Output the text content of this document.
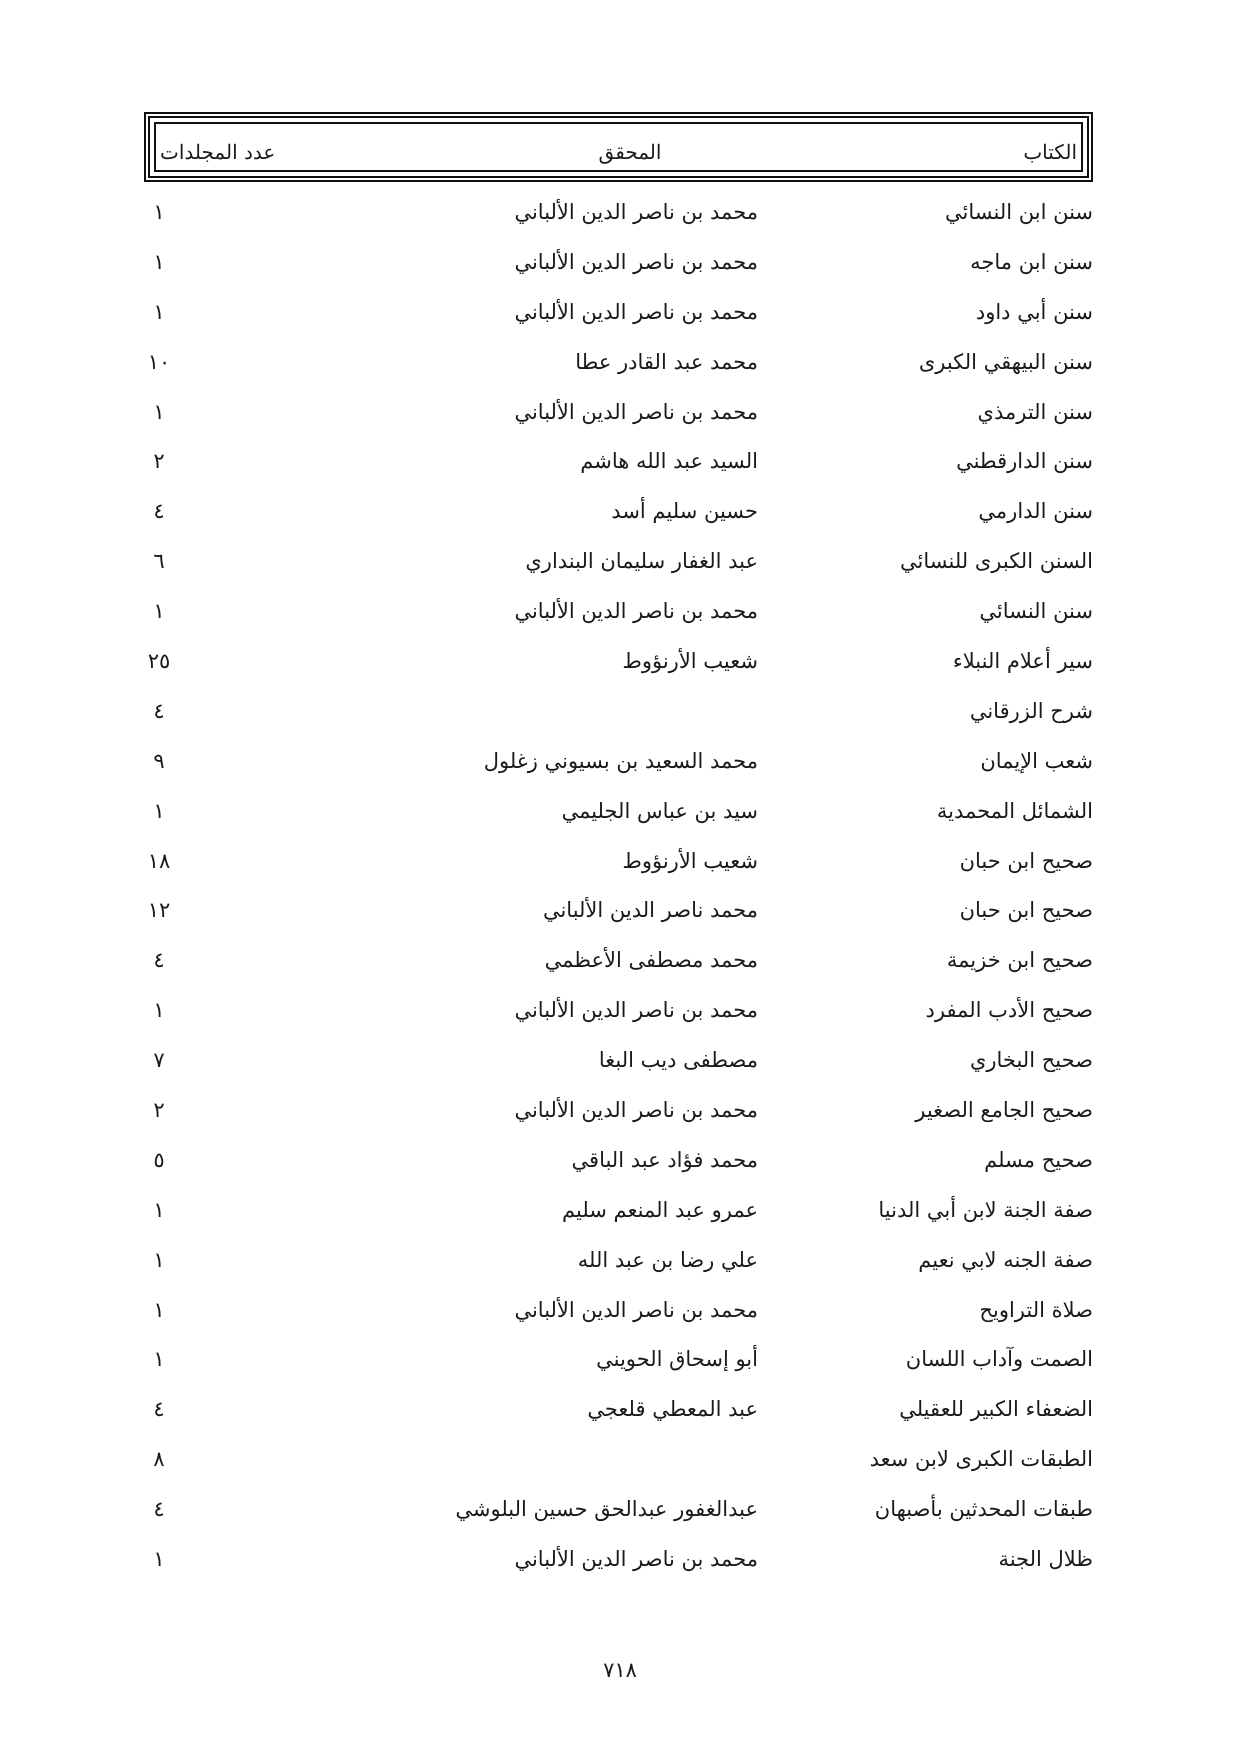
الكتاب
المحقق
عدد المجلدات
سنن ابن النسائي
محمد بن ناصر الدين الألباني
١
سنن ابن ماجه
محمد بن ناصر الدين الألباني
١
سنن أبي داود
محمد بن ناصر الدين الألباني
١
سنن البيهقي الكبرى
محمد عبد القادر عطا
١٠
سنن الترمذي
محمد بن ناصر الدين الألباني
١
سنن الدارقطني
السيد عبد الله هاشم
٢
سنن الدارمي
حسين سليم أسد
٤
السنن الكبرى للنسائي
عبد الغفار سليمان البنداري
٦
سنن النسائي
محمد بن ناصر الدين الألباني
١
سير أعلام النبلاء
شعيب الأرنؤوط
٢٥
شرح الزرقاني
٤
شعب الإيمان
محمد السعيد بن بسيوني زغلول
٩
الشمائل المحمدية
سيد بن عباس الجليمي
١
صحيح ابن حبان
شعيب الأرنؤوط
١٨
صحيح ابن حبان
محمد ناصر الدين الألباني
١٢
صحيح ابن خزيمة
محمد مصطفى الأعظمي
٤
صحيح الأدب المفرد
محمد بن ناصر الدين الألباني
١
صحيح البخاري
مصطفى ديب البغا
٧
صحيح الجامع الصغير
محمد بن ناصر الدين الألباني
٢
صحيح مسلم
محمد فؤاد عبد الباقي
٥
صفة الجنة لابن أبي الدنيا
عمرو عبد المنعم سليم
١
صفة الجنه لابي نعيم
علي رضا بن عبد الله
١
صلاة التراويح
محمد بن ناصر الدين الألباني
١
الصمت وآداب اللسان
أبو إسحاق الحويني
١
الضعفاء الكبير للعقيلي
عبد المعطي قلعجي
٤
الطبقات الكبرى لابن سعد
٨
طبقات المحدثين بأصبهان
عبدالغفور عبدالحق حسين البلوشي
٤
ظلال الجنة
محمد بن ناصر الدين الألباني
١
٧١٨
